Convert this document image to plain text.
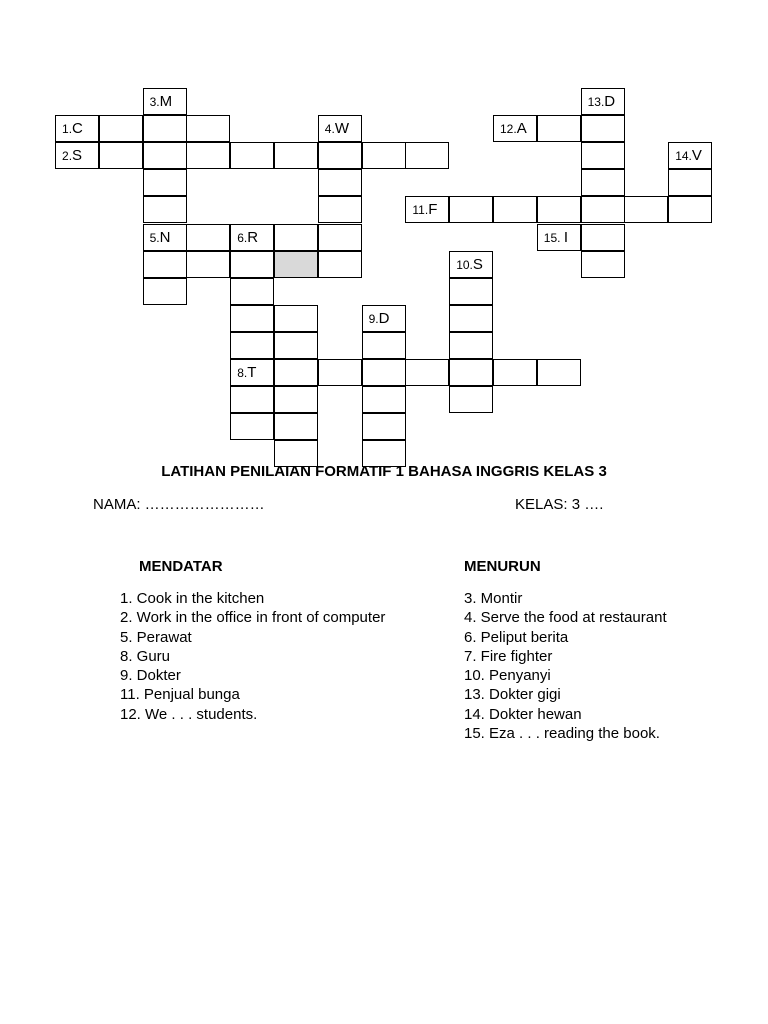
3.M	13.D
1.C	4.W	12.A
2.S	14.V
11.F
5.N	6.R	15. I
10.S
9.D
8.T
LATIHAN PENILAIAN FORMATIF 1 BAHASA INGGRIS KELAS 3
NAMA: ……………………	KELAS: 3 ….
MENDATAR	MENURUN
1. Cook in the kitchen
2. Work in the office in front of computer
5. Perawat
8. Guru
9. Dokter
11. Penjual bunga
12. We . . . students.
3. Montir
4. Serve the food at restaurant
6. Peliput berita
7. Fire fighter
10. Penyanyi
13. Dokter gigi
14. Dokter hewan
15. Eza . . . reading the book.
